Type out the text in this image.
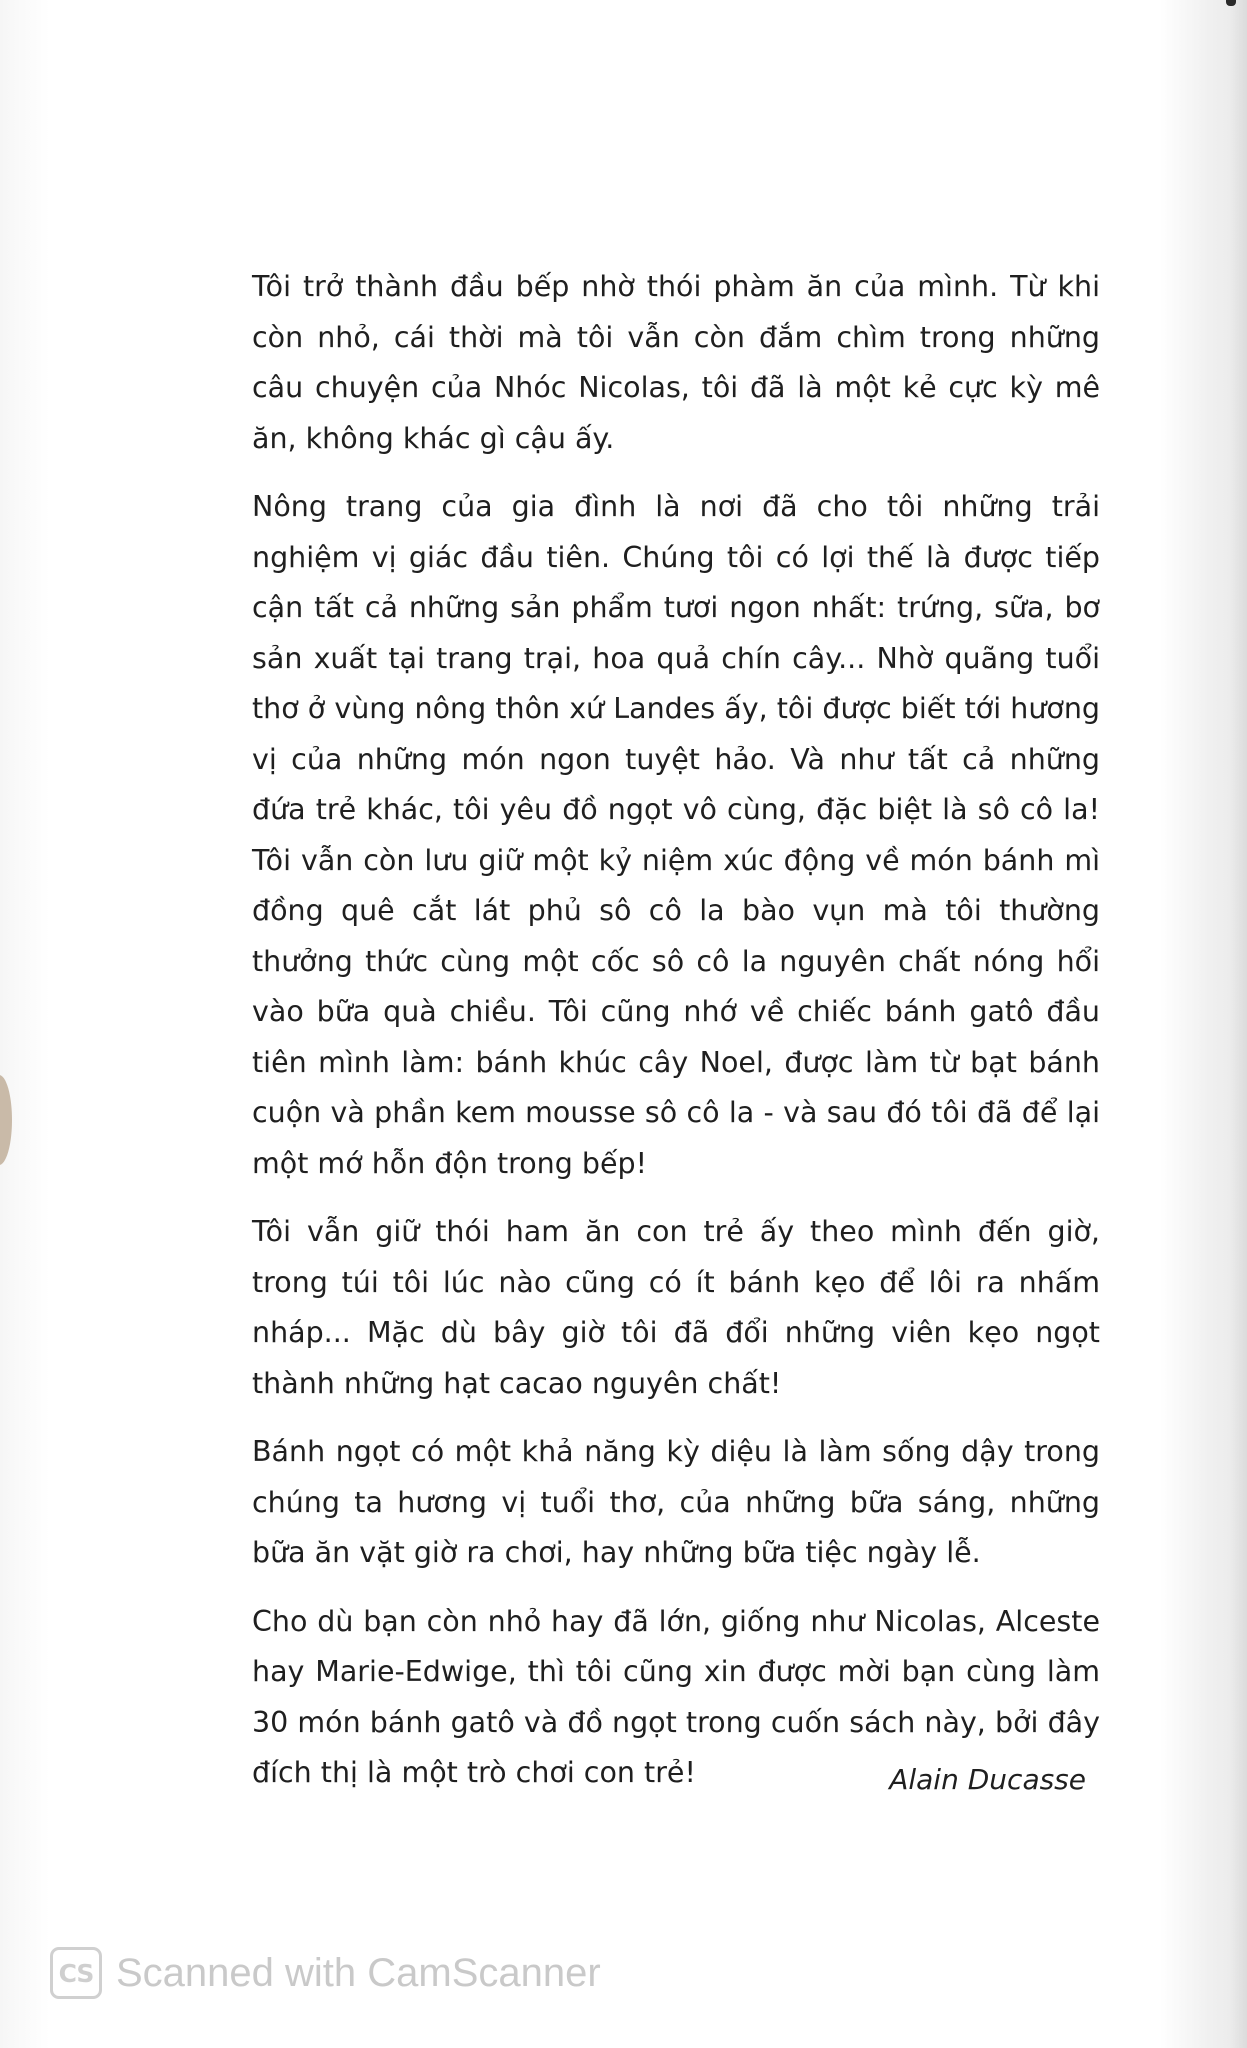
Tôi trở thành đầu bếp nhờ thói phàm ăn của mình. Từ khi còn nhỏ, cái thời mà tôi vẫn còn đắm chìm trong những câu chuyện của Nhóc Nicolas, tôi đã là một kẻ cực kỳ mê ăn, không khác gì cậu ấy.

Nông trang của gia đình là nơi đã cho tôi những trải nghiệm vị giác đầu tiên. Chúng tôi có lợi thế là được tiếp cận tất cả những sản phẩm tươi ngon nhất: trứng, sữa, bơ sản xuất tại trang trại, hoa quả chín cây... Nhờ quãng tuổi thơ ở vùng nông thôn xứ Landes ấy, tôi được biết tới hương vị của những món ngon tuyệt hảo. Và như tất cả những đứa trẻ khác, tôi yêu đồ ngọt vô cùng, đặc biệt là sô cô la! Tôi vẫn còn lưu giữ một kỷ niệm xúc động về món bánh mì đồng quê cắt lát phủ sô cô la bào vụn mà tôi thường thưởng thức cùng một cốc sô cô la nguyên chất nóng hổi vào bữa quà chiều. Tôi cũng nhớ về chiếc bánh gatô đầu tiên mình làm: bánh khúc cây Noel, được làm từ bạt bánh cuộn và phần kem mousse sô cô la - và sau đó tôi đã để lại một mớ hỗn độn trong bếp!

Tôi vẫn giữ thói ham ăn con trẻ ấy theo mình đến giờ, trong túi tôi lúc nào cũng có ít bánh kẹo để lôi ra nhấm nháp... Mặc dù bây giờ tôi đã đổi những viên kẹo ngọt thành những hạt cacao nguyên chất!

Bánh ngọt có một khả năng kỳ diệu là làm sống dậy trong chúng ta hương vị tuổi thơ, của những bữa sáng, những bữa ăn vặt giờ ra chơi, hay những bữa tiệc ngày lễ.

Cho dù bạn còn nhỏ hay đã lớn, giống như Nicolas, Alceste hay Marie-Edwige, thì tôi cũng xin được mời bạn cùng làm 30 món bánh gatô và đồ ngọt trong cuốn sách này, bởi đây đích thị là một trò chơi con trẻ!	Alain Ducasse
CS Scanned with CamScanner
